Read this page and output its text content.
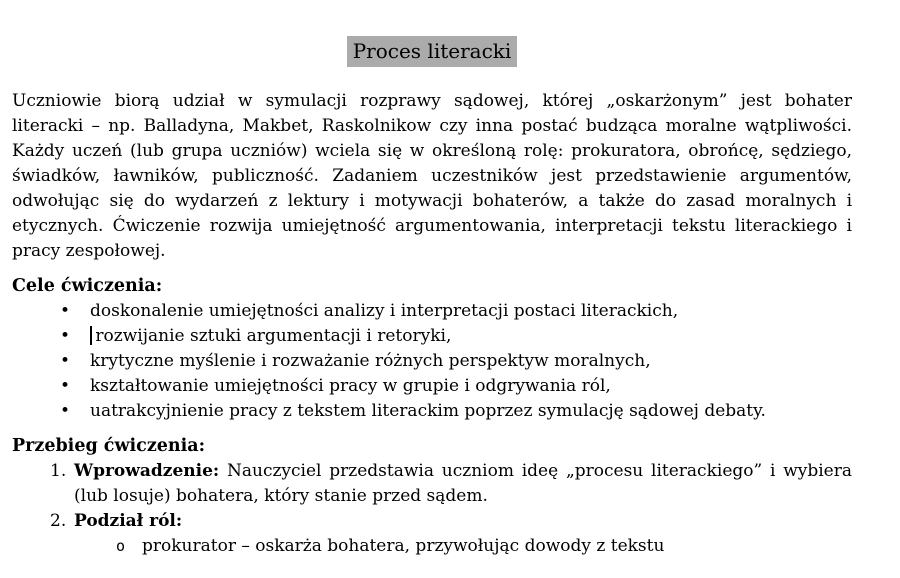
Proces literacki
Uczniowie biorą udział w symulacji rozprawy sądowej, której „oskarżonym” jest bohater
literacki – np. Balladyna, Makbet, Raskolnikow czy inna postać budząca moralne wątpliwości.
Każdy uczeń (lub grupa uczniów) wciela się w określoną rolę: prokuratora, obrońcę, sędziego,
świadków, ławników, publiczność. Zadaniem uczestników jest przedstawienie argumentów,
odwołując się do wydarzeń z lektury i motywacji bohaterów, a także do zasad moralnych i
etycznych. Ćwiczenie rozwija umiejętność argumentowania, interpretacji tekstu literackiego i
pracy zespołowej.
Cele ćwiczenia:
• doskonalenie umiejętności analizy i interpretacji postaci literackich,
• rozwijanie sztuki argumentacji i retoryki,
• krytyczne myślenie i rozważanie różnych perspektyw moralnych,
• kształtowanie umiejętności pracy w grupie i odgrywania ról,
• uatrakcyjnienie pracy z tekstem literackim poprzez symulację sądowej debaty.
Przebieg ćwiczenia:
1. Wprowadzenie: Nauczyciel przedstawia uczniom ideę „procesu literackiego” i wybiera
(lub losuje) bohatera, który stanie przed sądem.
2. Podział ról:
o prokurator – oskarża bohatera, przywołując dowody z tekstu
